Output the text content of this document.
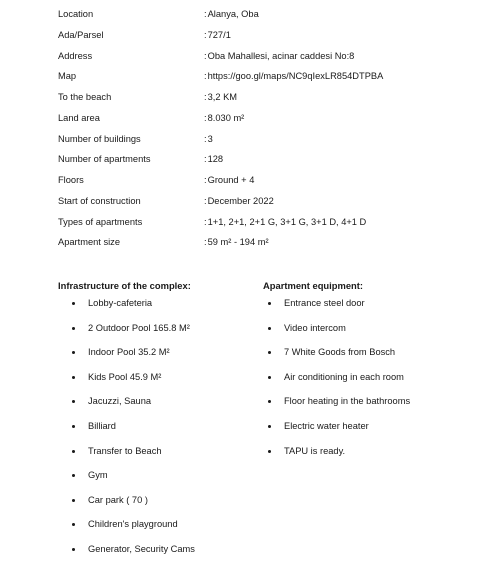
Location	:Alanya, Oba
Ada/Parsel	:727/1
Address	:Oba Mahallesi, acinar caddesi No:8
Map	:https://goo.gl/maps/NC9qIexLR854DTPBA
To the beach	:3,2 KM
Land area	:8.030 m²
Number of buildings	:3
Number of apartments	:128
Floors	:Ground + 4
Start of construction	:December 2022
Types of apartments	:1+1, 2+1, 2+1 G, 3+1 G, 3+1 D, 4+1 D
Apartment size	:59 m² - 194 m²
Infrastructure of the complex:
Lobby-cafeteria
2 Outdoor Pool 165.8 M²
Indoor Pool 35.2 M²
Kids Pool 45.9 M²
Jacuzzi, Sauna
Billiard
Transfer to Beach
Gym
Car park ( 70 )
Children's playground
Generator, Security Cams
Apartment equipment:
Entrance steel door
Video intercom
7 White Goods from Bosch
Air conditioning in each room
Floor heating in the bathrooms
Electric water heater
TAPU is ready.
